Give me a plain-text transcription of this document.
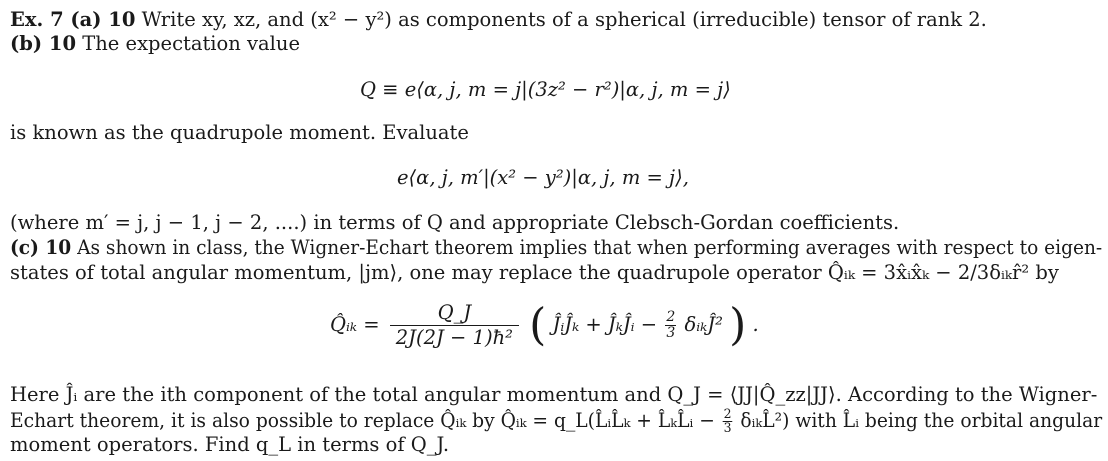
Ex. 7 (a) 10 Write xy, xz, and (x² − y²) as components of a spherical (irreducible) tensor of rank 2.
(b) 10 The expectation value
Q ≡ e⟨α, j, m = j|(3z² − r²)|α, j, m = j⟩
is known as the quadrupole moment. Evaluate
e⟨α, j, m′|(x² − y²)|α, j, m = j⟩,
(where m′ = j, j − 1, j − 2, ....) in terms of Q and appropriate Clebsch-Gordan coefficients.
(c) 10 As shown in class, the Wigner-Echart theorem implies that when performing averages with respect to eigen-
states of total angular momentum, |jm⟩, one may replace the quadrupole operator Q̂ᵢₖ = 3x̂ᵢx̂ₖ − 2/3δᵢₖr̂² by
Q̂ᵢₖ = $\frac{Q\_J}{\text{2J(2J − 1)ħ²}}$ ( ĴᵢĴₖ + ĴₖĴᵢ − $\frac{2}{3}$ δᵢₖĴ² ) .
Here Ĵᵢ are the ith component of the total angular momentum and Q_J = ⟨JJ|Q̂_zz|JJ⟩. According to the Wigner-
Echart theorem, it is also possible to replace Q̂ᵢₖ by Q̂ᵢₖ = q_L(L̂ᵢL̂ₖ + L̂ₖL̂ᵢ − $\frac{2}{3}$ δᵢₖL̂²) with L̂ᵢ being the orbital angular
moment operators. Find q_L in terms of Q_J.
